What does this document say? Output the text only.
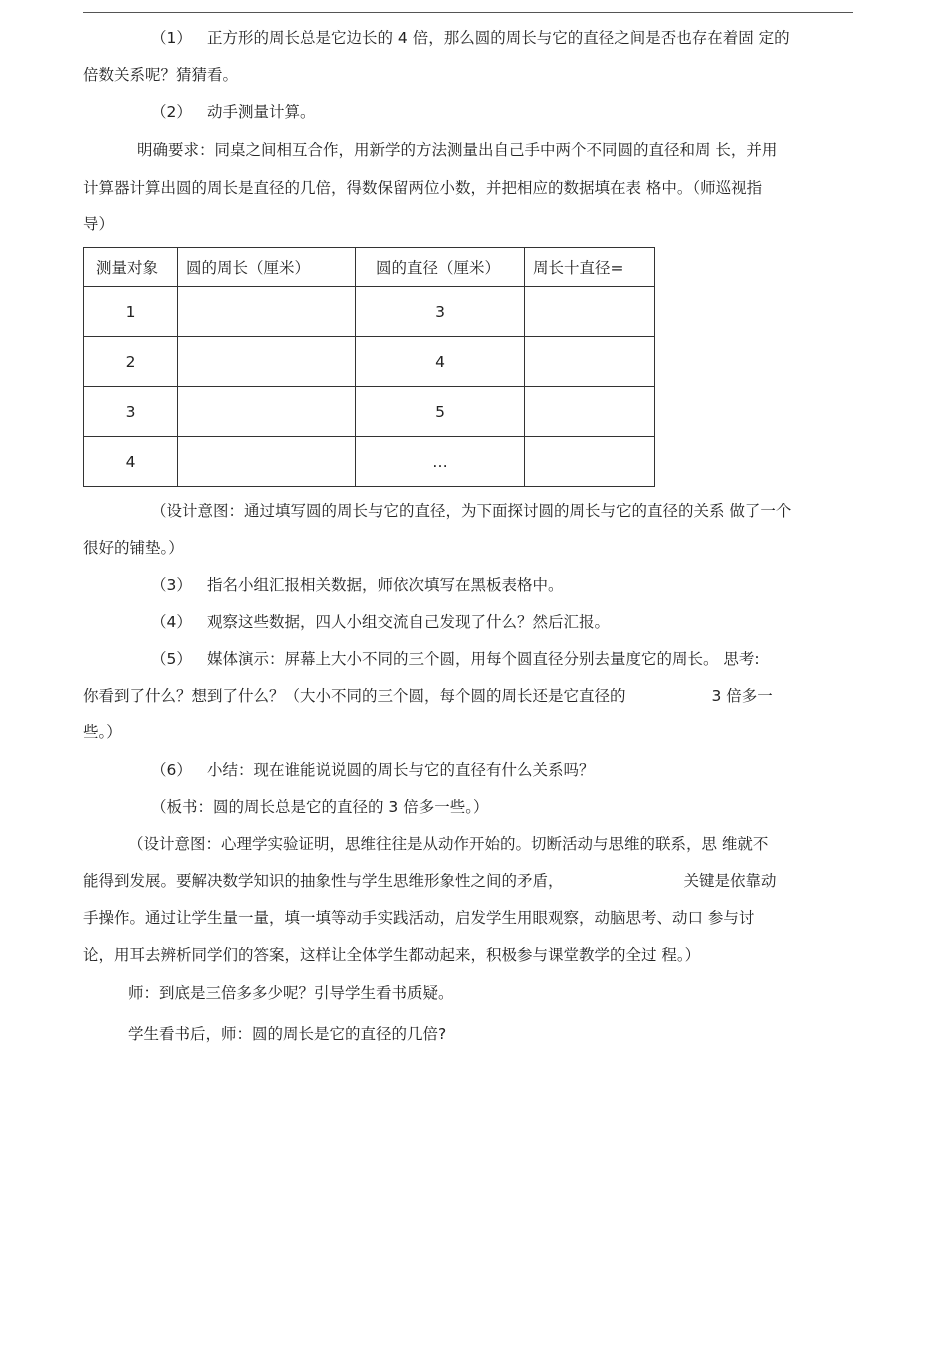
（1） 正方形的周长总是它边长的 4 倍，那么圆的周长与它的直径之间是否也存在着固 定的
倍数关系呢？猜猜看。
（2） 动手测量计算。
明确要求：同桌之间相互合作，用新学的方法测量出自己手中两个不同圆的直径和周 长，并用
计算器计算出圆的周长是直径的几倍，得数保留两位小数，并把相应的数据填在表 格中。（师巡视指
导）
测量对象	圆的周长（厘米）	圆的直径（厘米）	周长十直径=
1		3	
2		4	
3		5	
4		…	
（设计意图：通过填写圆的周长与它的直径，为下面探讨圆的周长与它的直径的关系 做了一个
很好的铺垫。）
（3） 指名小组汇报相关数据，师依次填写在黑板表格中。
（4） 观察这些数据，四人小组交流自己发现了什么？然后汇报。
（5） 媒体演示：屏幕上大小不同的三个圆，用每个圆直径分别去量度它的周长。 思考:
你看到了什么？想到了什么？（大小不同的三个圆，每个圆的周长还是它直径的	3 倍多一
些。）
（6） 小结：现在谁能说说圆的周长与它的直径有什么关系吗？
（板书：圆的周长总是它的直径的 3 倍多一些。）
（设计意图：心理学实验证明，思维往往是从动作开始的。切断活动与思维的联系，思 维就不
能得到发展。要解决数学知识的抽象性与学生思维形象性之间的矛盾，	关键是依靠动
手操作。通过让学生量一量，填一填等动手实践活动，启发学生用眼观察，动脑思考、动口 参与讨
论，用耳去辨析同学们的答案，这样让全体学生都动起来，积极参与课堂教学的全过 程。）
师：到底是三倍多多少呢？引导学生看书质疑。
学生看书后，师：圆的周长是它的直径的几倍?
